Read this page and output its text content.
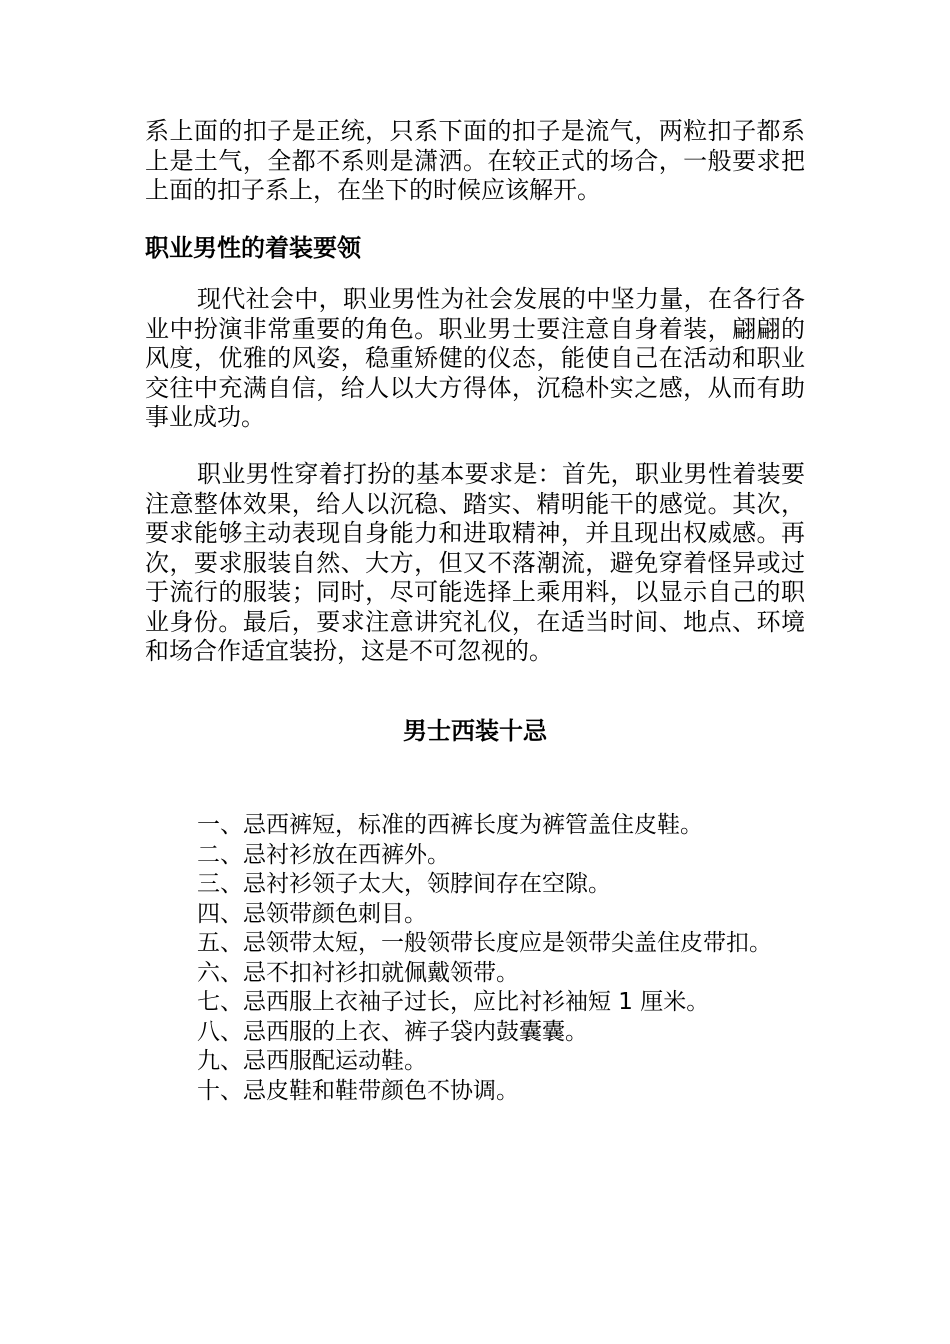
系上面的扣子是正统，只系下面的扣子是流气，两粒扣子都系上是土气，全都不系则是潇洒。在较正式的场合，一般要求把上面的扣子系上，在坐下的时候应该解开。

职业男性的着装要领

现代社会中，职业男性为社会发展的中坚力量，在各行各业中扮演非常重要的角色。职业男士要注意自身着装，翩翩的风度，优雅的风姿，稳重矫健的仪态，能使自己在活动和职业交往中充满自信，给人以大方得体，沉稳朴实之感，从而有助事业成功。

职业男性穿着打扮的基本要求是：首先，职业男性着装要注意整体效果，给人以沉稳、踏实、精明能干的感觉。其次，要求能够主动表现自身能力和进取精神，并且现出权威感。再次，要求服装自然、大方，但又不落潮流，避免穿着怪异或过于流行的服装；同时，尽可能选择上乘用料，以显示自己的职业身份。最后，要求注意讲究礼仪，在适当时间、地点、环境和场合作适宜装扮，这是不可忽视的。

男士西装十忌
一、忌西裤短，标准的西裤长度为裤管盖住皮鞋。
二、忌衬衫放在西裤外。
三、忌衬衫领子太大，领脖间存在空隙。
四、忌领带颜色刺目。
五、忌领带太短，一般领带长度应是领带尖盖住皮带扣。
六、忌不扣衬衫扣就佩戴领带。
七、忌西服上衣袖子过长，应比衬衫袖短 1 厘米。
八、忌西服的上衣、裤子袋内鼓囊囊。
九、忌西服配运动鞋。
十、忌皮鞋和鞋带颜色不协调。
